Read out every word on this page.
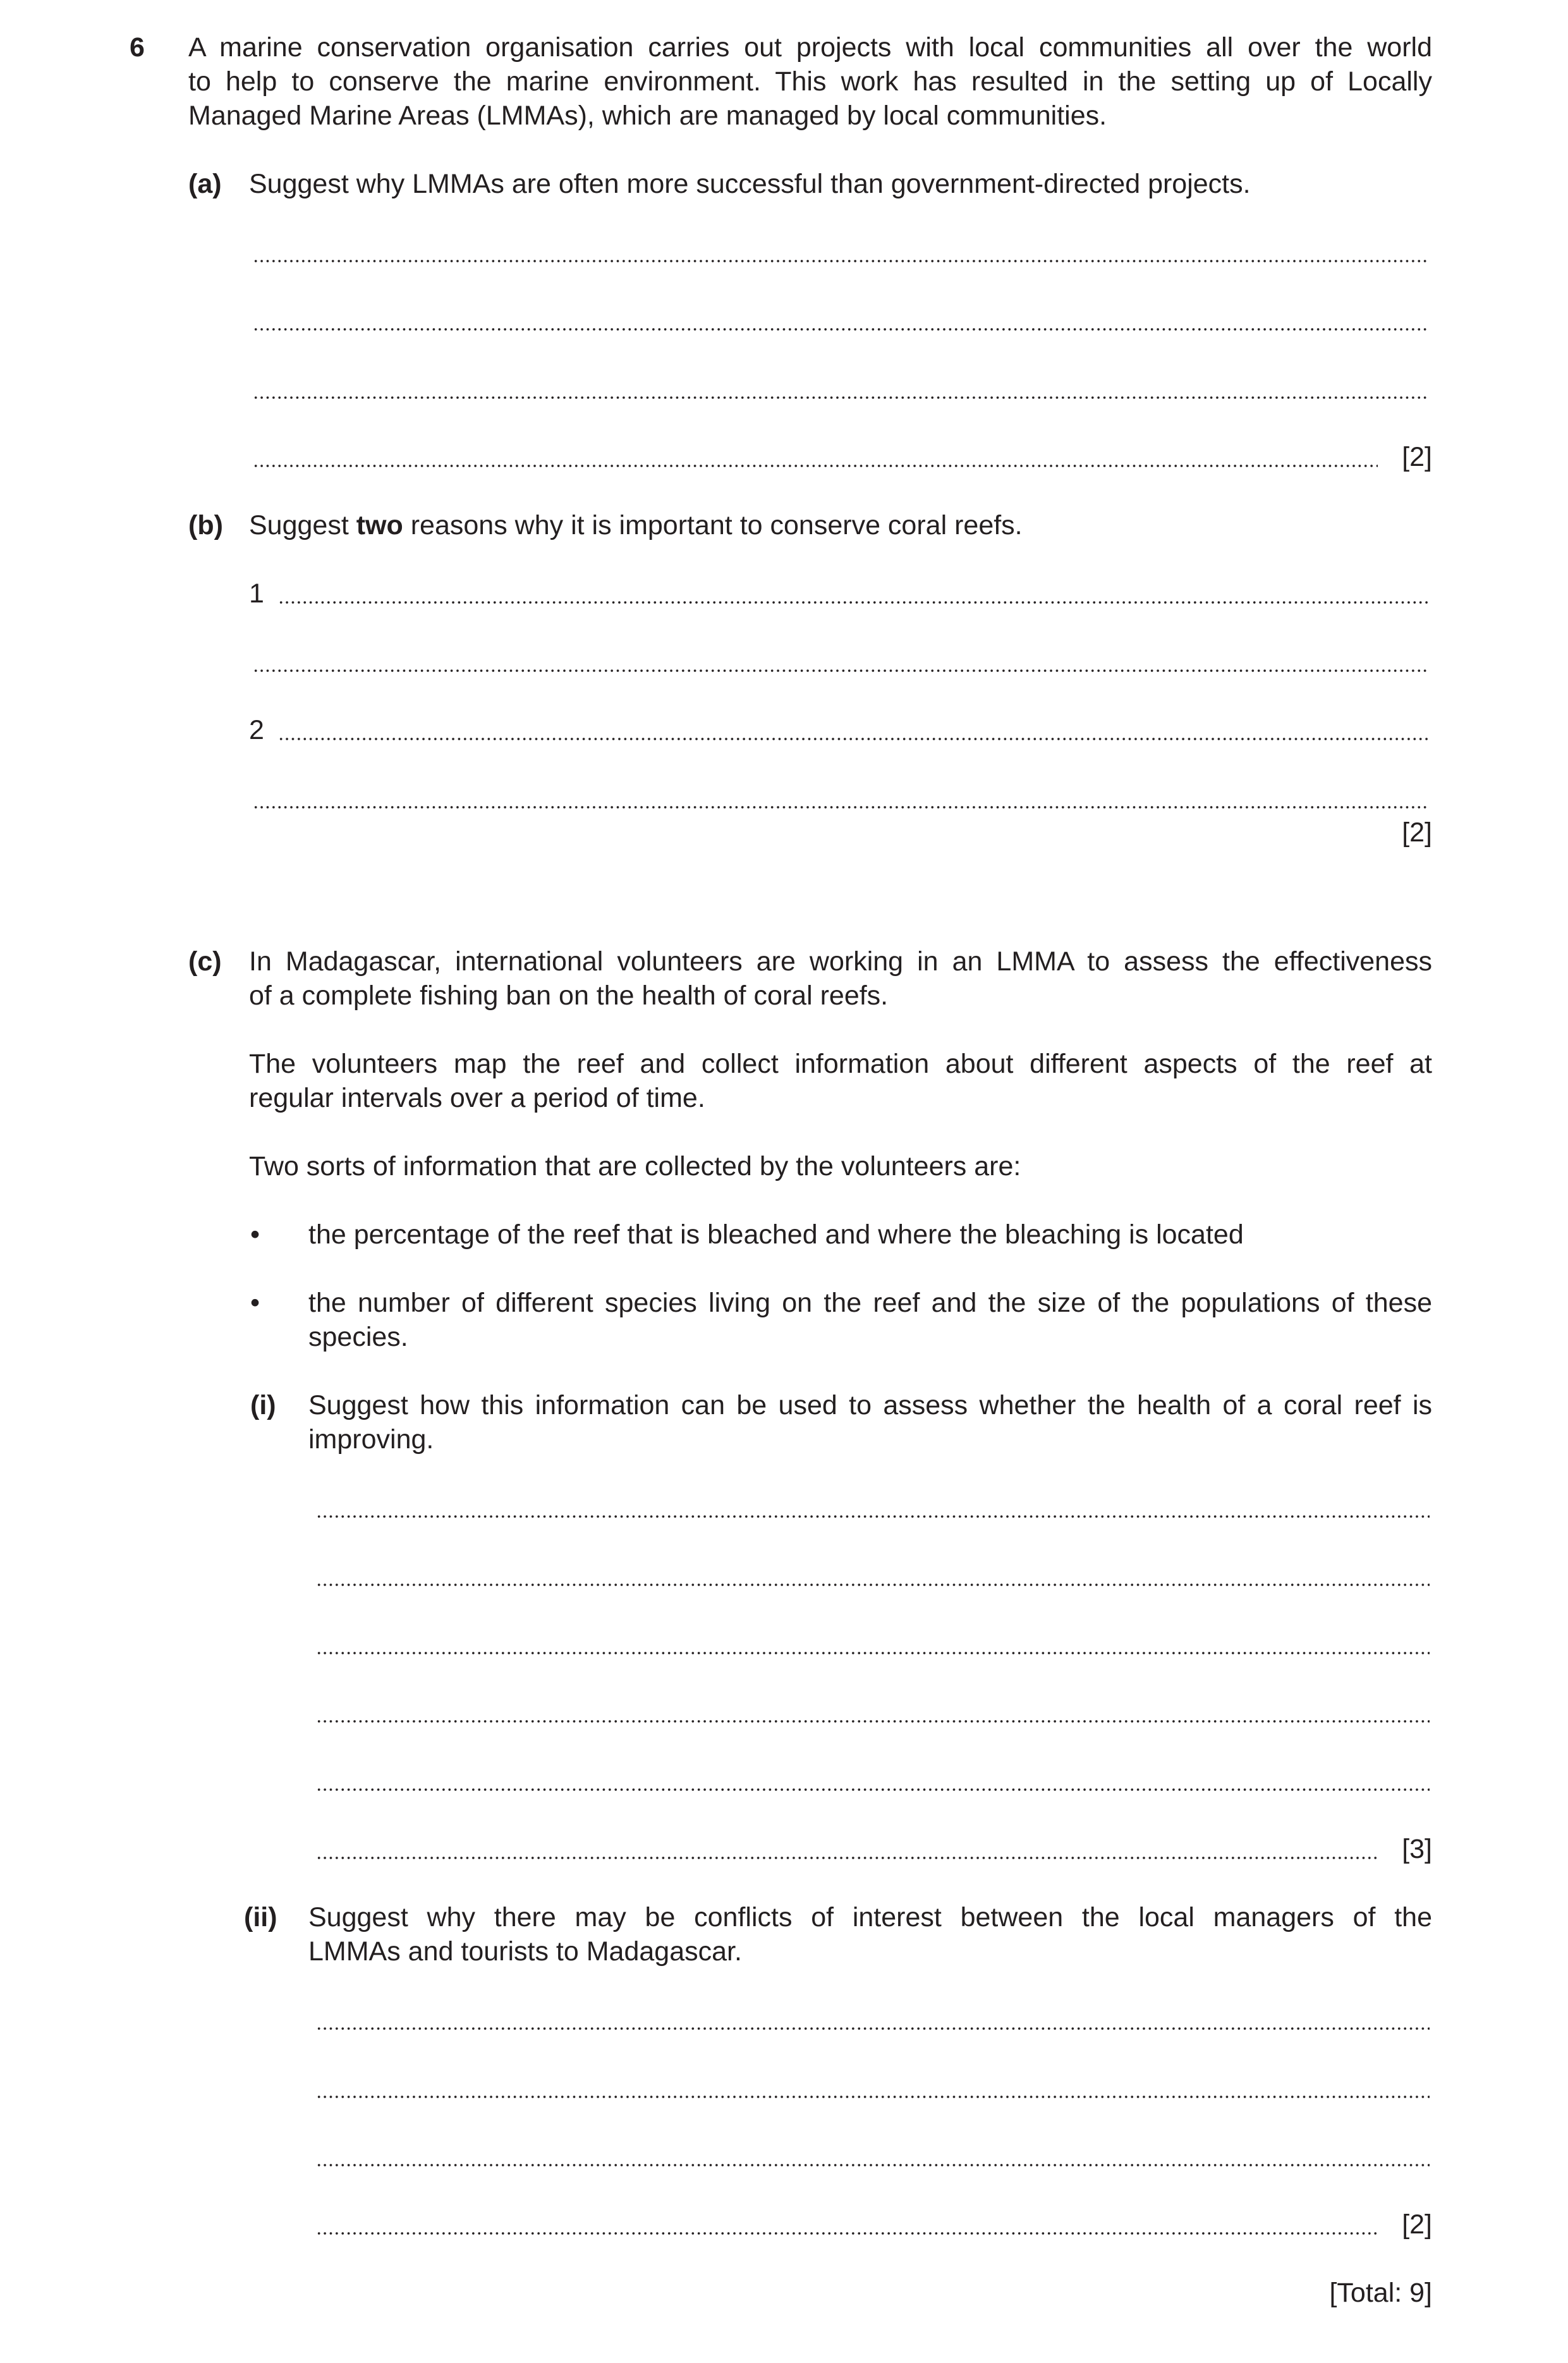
6 A marine conservation organisation carries out projects with local communities all over the world
to help to conserve the marine environment. This work has resulted in the setting up of Locally
Managed Marine Areas (LMMAs), which are managed by local communities.
(a) Suggest why LMMAs are often more successful than government-directed projects.
[2]
(b) Suggest two reasons why it is important to conserve coral reefs.
1
2
[2]
(c) In Madagascar, international volunteers are working in an LMMA to assess the effectiveness
of a complete fishing ban on the health of coral reefs.
The volunteers map the reef and collect information about different aspects of the reef at
regular intervals over a period of time.
Two sorts of information that are collected by the volunteers are:
• the percentage of the reef that is bleached and where the bleaching is located
• the number of different species living on the reef and the size of the populations of these
species.
(i) Suggest how this information can be used to assess whether the health of a coral reef is
improving.
[3]
(ii) Suggest why there may be conflicts of interest between the local managers of the
LMMAs and tourists to Madagascar.
[2]
[Total: 9]
